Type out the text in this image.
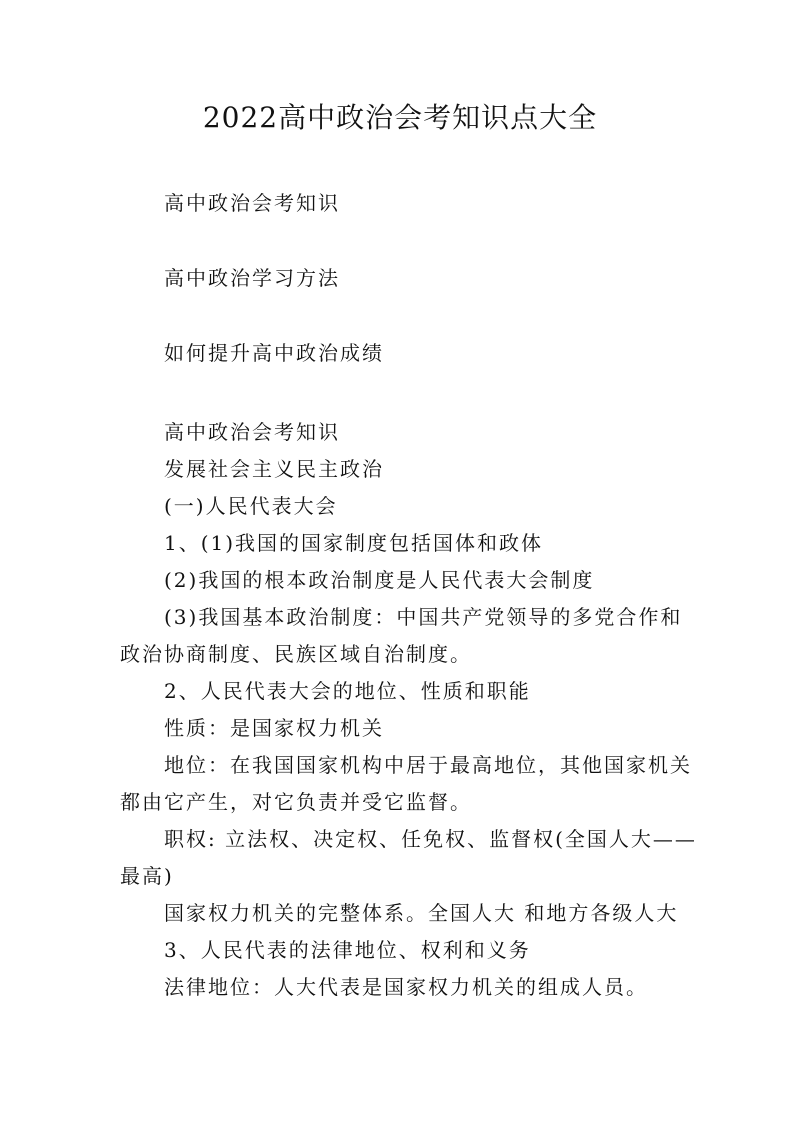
2022高中政治会考知识点大全
高中政治会考知识
高中政治学习方法
如何提升高中政治成绩
高中政治会考知识
发展社会主义民主政治
(一)人民代表大会
1、(1)我国的国家制度包括国体和政体
(2)我国的根本政治制度是人民代表大会制度
(3)我国基本政治制度：中国共产党领导的多党合作和
政治协商制度、民族区域自治制度。
2、人民代表大会的地位、性质和职能
性质：是国家权力机关
地位：在我国国家机构中居于最高地位，其他国家机关
都由它产生，对它负责并受它监督。
职权: 立法权、决定权、任免权、监督权(全国人大——
最高)
国家权力机关的完整体系。全国人大 和地方各级人大
3、人民代表的法律地位、权利和义务
法律地位：人大代表是国家权力机关的组成人员。
